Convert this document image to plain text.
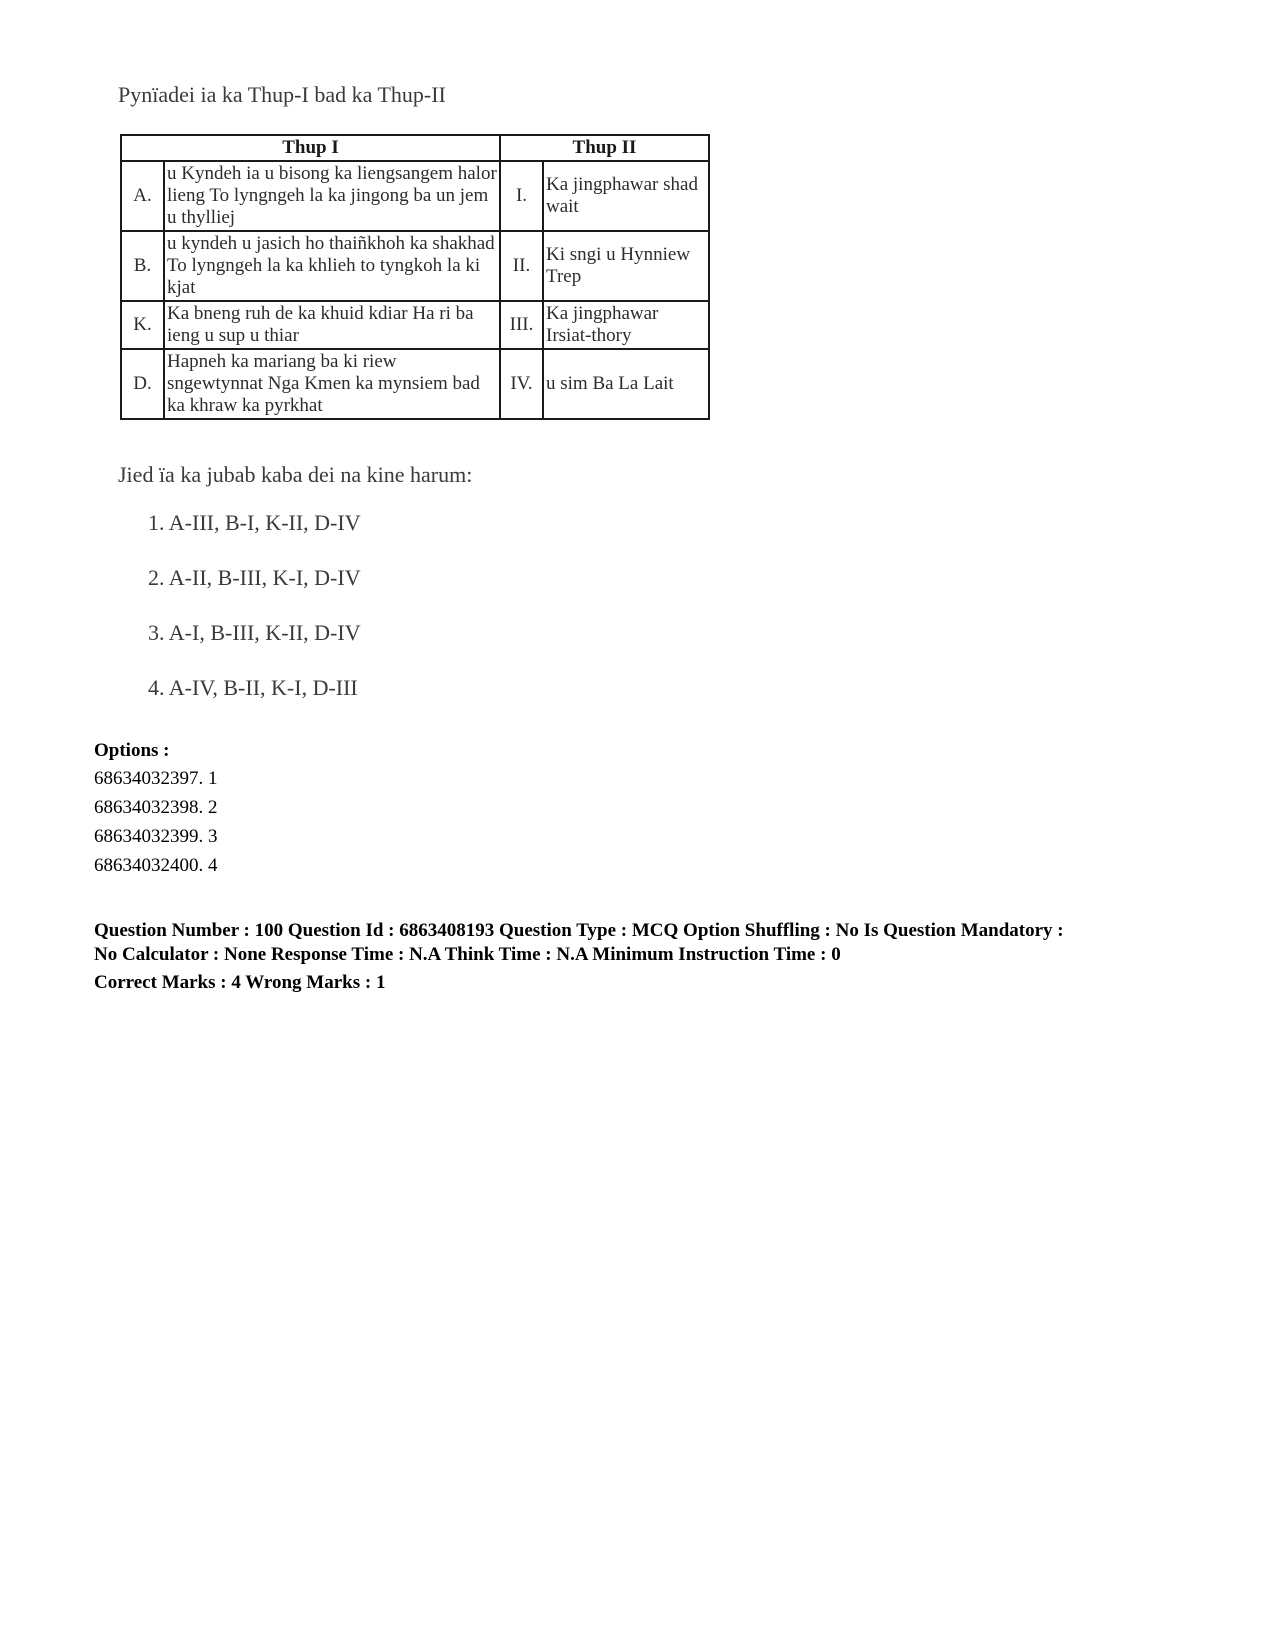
Pynïadei ia ka Thup-I bad ka Thup-II
Thup I		Thup II	
A.	u Kyndeh ia u bisong ka liengsangem halor lieng To lyngngeh la ka jingong ba un jem u thylliej	I.	Ka jingphawar shad wait
B.	u kyndeh u jasich ho thaiñkhoh ka shakhad To lyngngeh la ka khlieh to tyngkoh la ki kjat	II.	Ki sngi u Hynniew Trep
K.	Ka bneng ruh de ka khuid kdiar Ha ri ba ieng u sup u thiar	III.	Ka jingphawar Irsiat-thory
D.	Hapneh ka mariang ba ki riew sngewtynnat Nga Kmen ka mynsiem bad ka khraw ka pyrkhat	IV.	u sim Ba La Lait
Jied ïa ka jubab kaba dei na kine harum:
1. A-III, B-I, K-II, D-IV
2. A-II, B-III, K-I, D-IV
3. A-I, B-III, K-II, D-IV
4. A-IV, B-II, K-I, D-III
Options :
68634032397. 1
68634032398. 2
68634032399. 3
68634032400. 4
Question Number : 100 Question Id : 6863408193 Question Type : MCQ Option Shuffling : No Is Question Mandatory :
No Calculator : None Response Time : N.A Think Time : N.A Minimum Instruction Time : 0
Correct Marks : 4 Wrong Marks : 1
